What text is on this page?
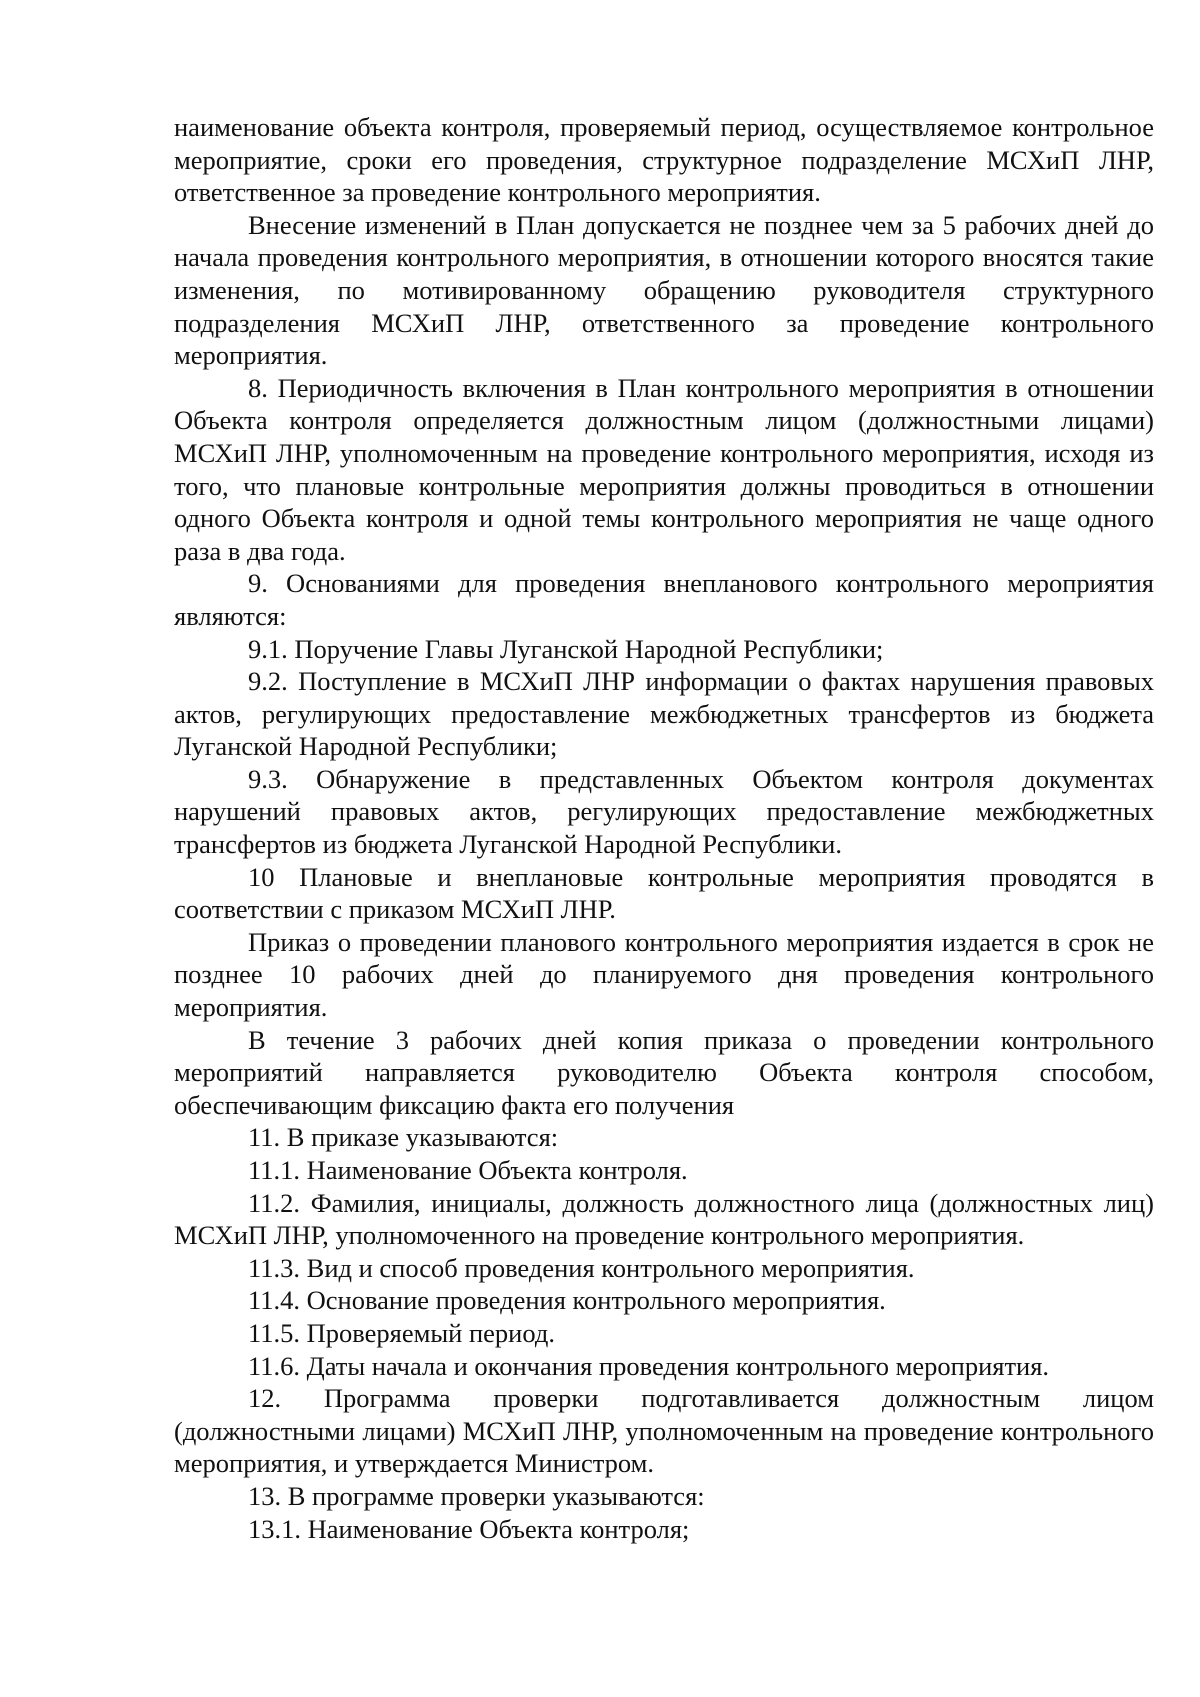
наименование объекта контроля, проверяемый период, осуществляемое контрольное мероприятие, сроки его проведения, структурное подразделение МСХиП ЛНР, ответственное за проведение контрольного мероприятия.

Внесение изменений в План допускается не позднее чем за 5 рабочих дней до начала проведения контрольного мероприятия, в отношении которого вносятся такие изменения, по мотивированному обращению руководителя структурного подразделения МСХиП ЛНР, ответственного за проведение контрольного мероприятия.

8. Периодичность включения в План контрольного мероприятия в отношении Объекта контроля определяется должностным лицом (должностными лицами) МСХиП ЛНР, уполномоченным на проведение контрольного мероприятия, исходя из того, что плановые контрольные мероприятия должны проводиться в отношении одного Объекта контроля и одной темы контрольного мероприятия не чаще одного раза в два года.

9. Основаниями для проведения внепланового контрольного мероприятия являются:

9.1. Поручение Главы Луганской Народной Республики;

9.2. Поступление в МСХиП ЛНР информации о фактах нарушения правовых актов, регулирующих предоставление межбюджетных трансфертов из бюджета Луганской Народной Республики;

9.3. Обнаружение в представленных Объектом контроля документах нарушений правовых актов, регулирующих предоставление межбюджетных трансфертов из бюджета Луганской Народной Республики.

10 Плановые и внеплановые контрольные мероприятия проводятся в соответствии с приказом МСХиП ЛНР.

Приказ о проведении планового контрольного мероприятия издается в срок не позднее 10 рабочих дней до планируемого дня проведения контрольного мероприятия.

В течение 3 рабочих дней копия приказа о проведении контрольного мероприятий направляется руководителю Объекта контроля способом, обеспечивающим фиксацию факта его получения

11. В приказе указываются:

11.1. Наименование Объекта контроля.

11.2. Фамилия, инициалы, должность должностного лица (должностных лиц) МСХиП ЛНР, уполномоченного на проведение контрольного мероприятия.

11.3. Вид и способ проведения контрольного мероприятия.

11.4. Основание проведения контрольного мероприятия.

11.5. Проверяемый период.

11.6. Даты начала и окончания проведения контрольного мероприятия.

12. Программа проверки подготавливается должностным лицом (должностными лицами) МСХиП ЛНР, уполномоченным на проведение контрольного мероприятия, и утверждается Министром.

13. В программе проверки указываются:

13.1. Наименование Объекта контроля;
